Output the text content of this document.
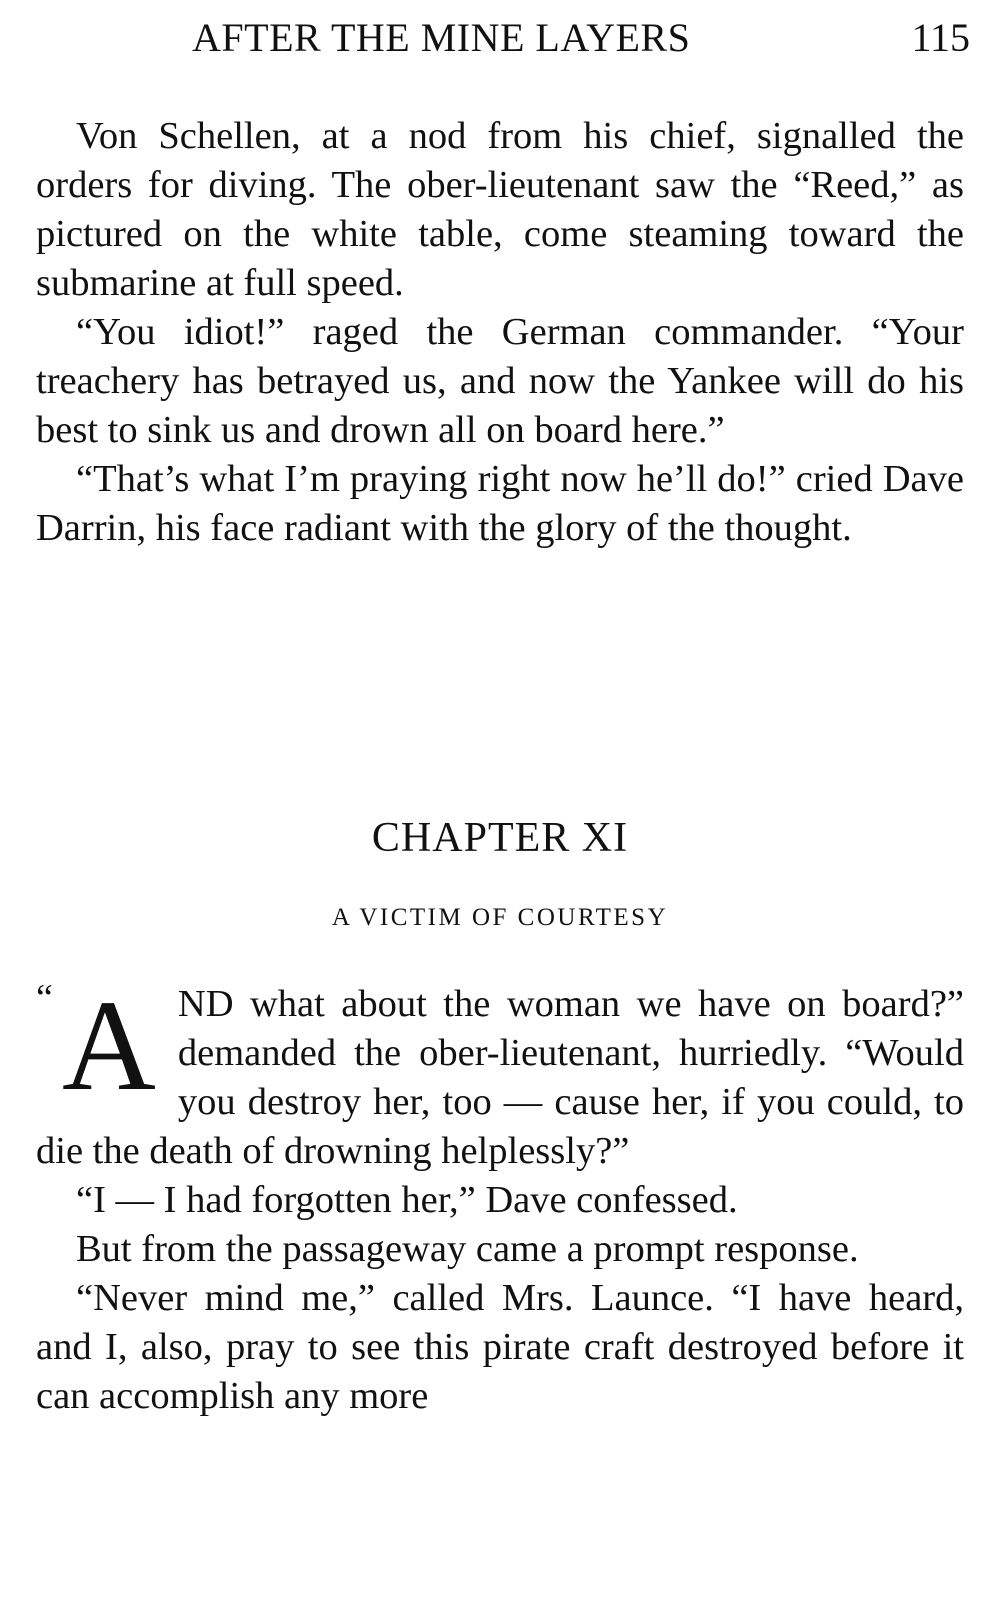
AFTER THE MINE LAYERS	115

Von Schellen, at a nod from his chief, signalled the orders for diving. The ober-lieutenant saw the “Reed,” as pictured on the white table, come steaming toward the submarine at full speed.

“You idiot!” raged the German commander. “Your treachery has betrayed us, and now the Yankee will do his best to sink us and drown all on board here.”

“That’s what I’m praying right now he’ll do!” cried Dave Darrin, his face radiant with the glory of the thought.

CHAPTER XI
A VICTIM OF COURTESY
“ A ND what about the woman we have on board?” demanded the ober-lieutenant, hurriedly. “Would you destroy her, too — cause her, if you could, to die the death of drowning helplessly?”

“I — I had forgotten her,” Dave confessed.

But from the passageway came a prompt response.

“Never mind me,” called Mrs. Launce. “I have heard, and I, also, pray to see this pirate craft destroyed before it can accomplish any more
